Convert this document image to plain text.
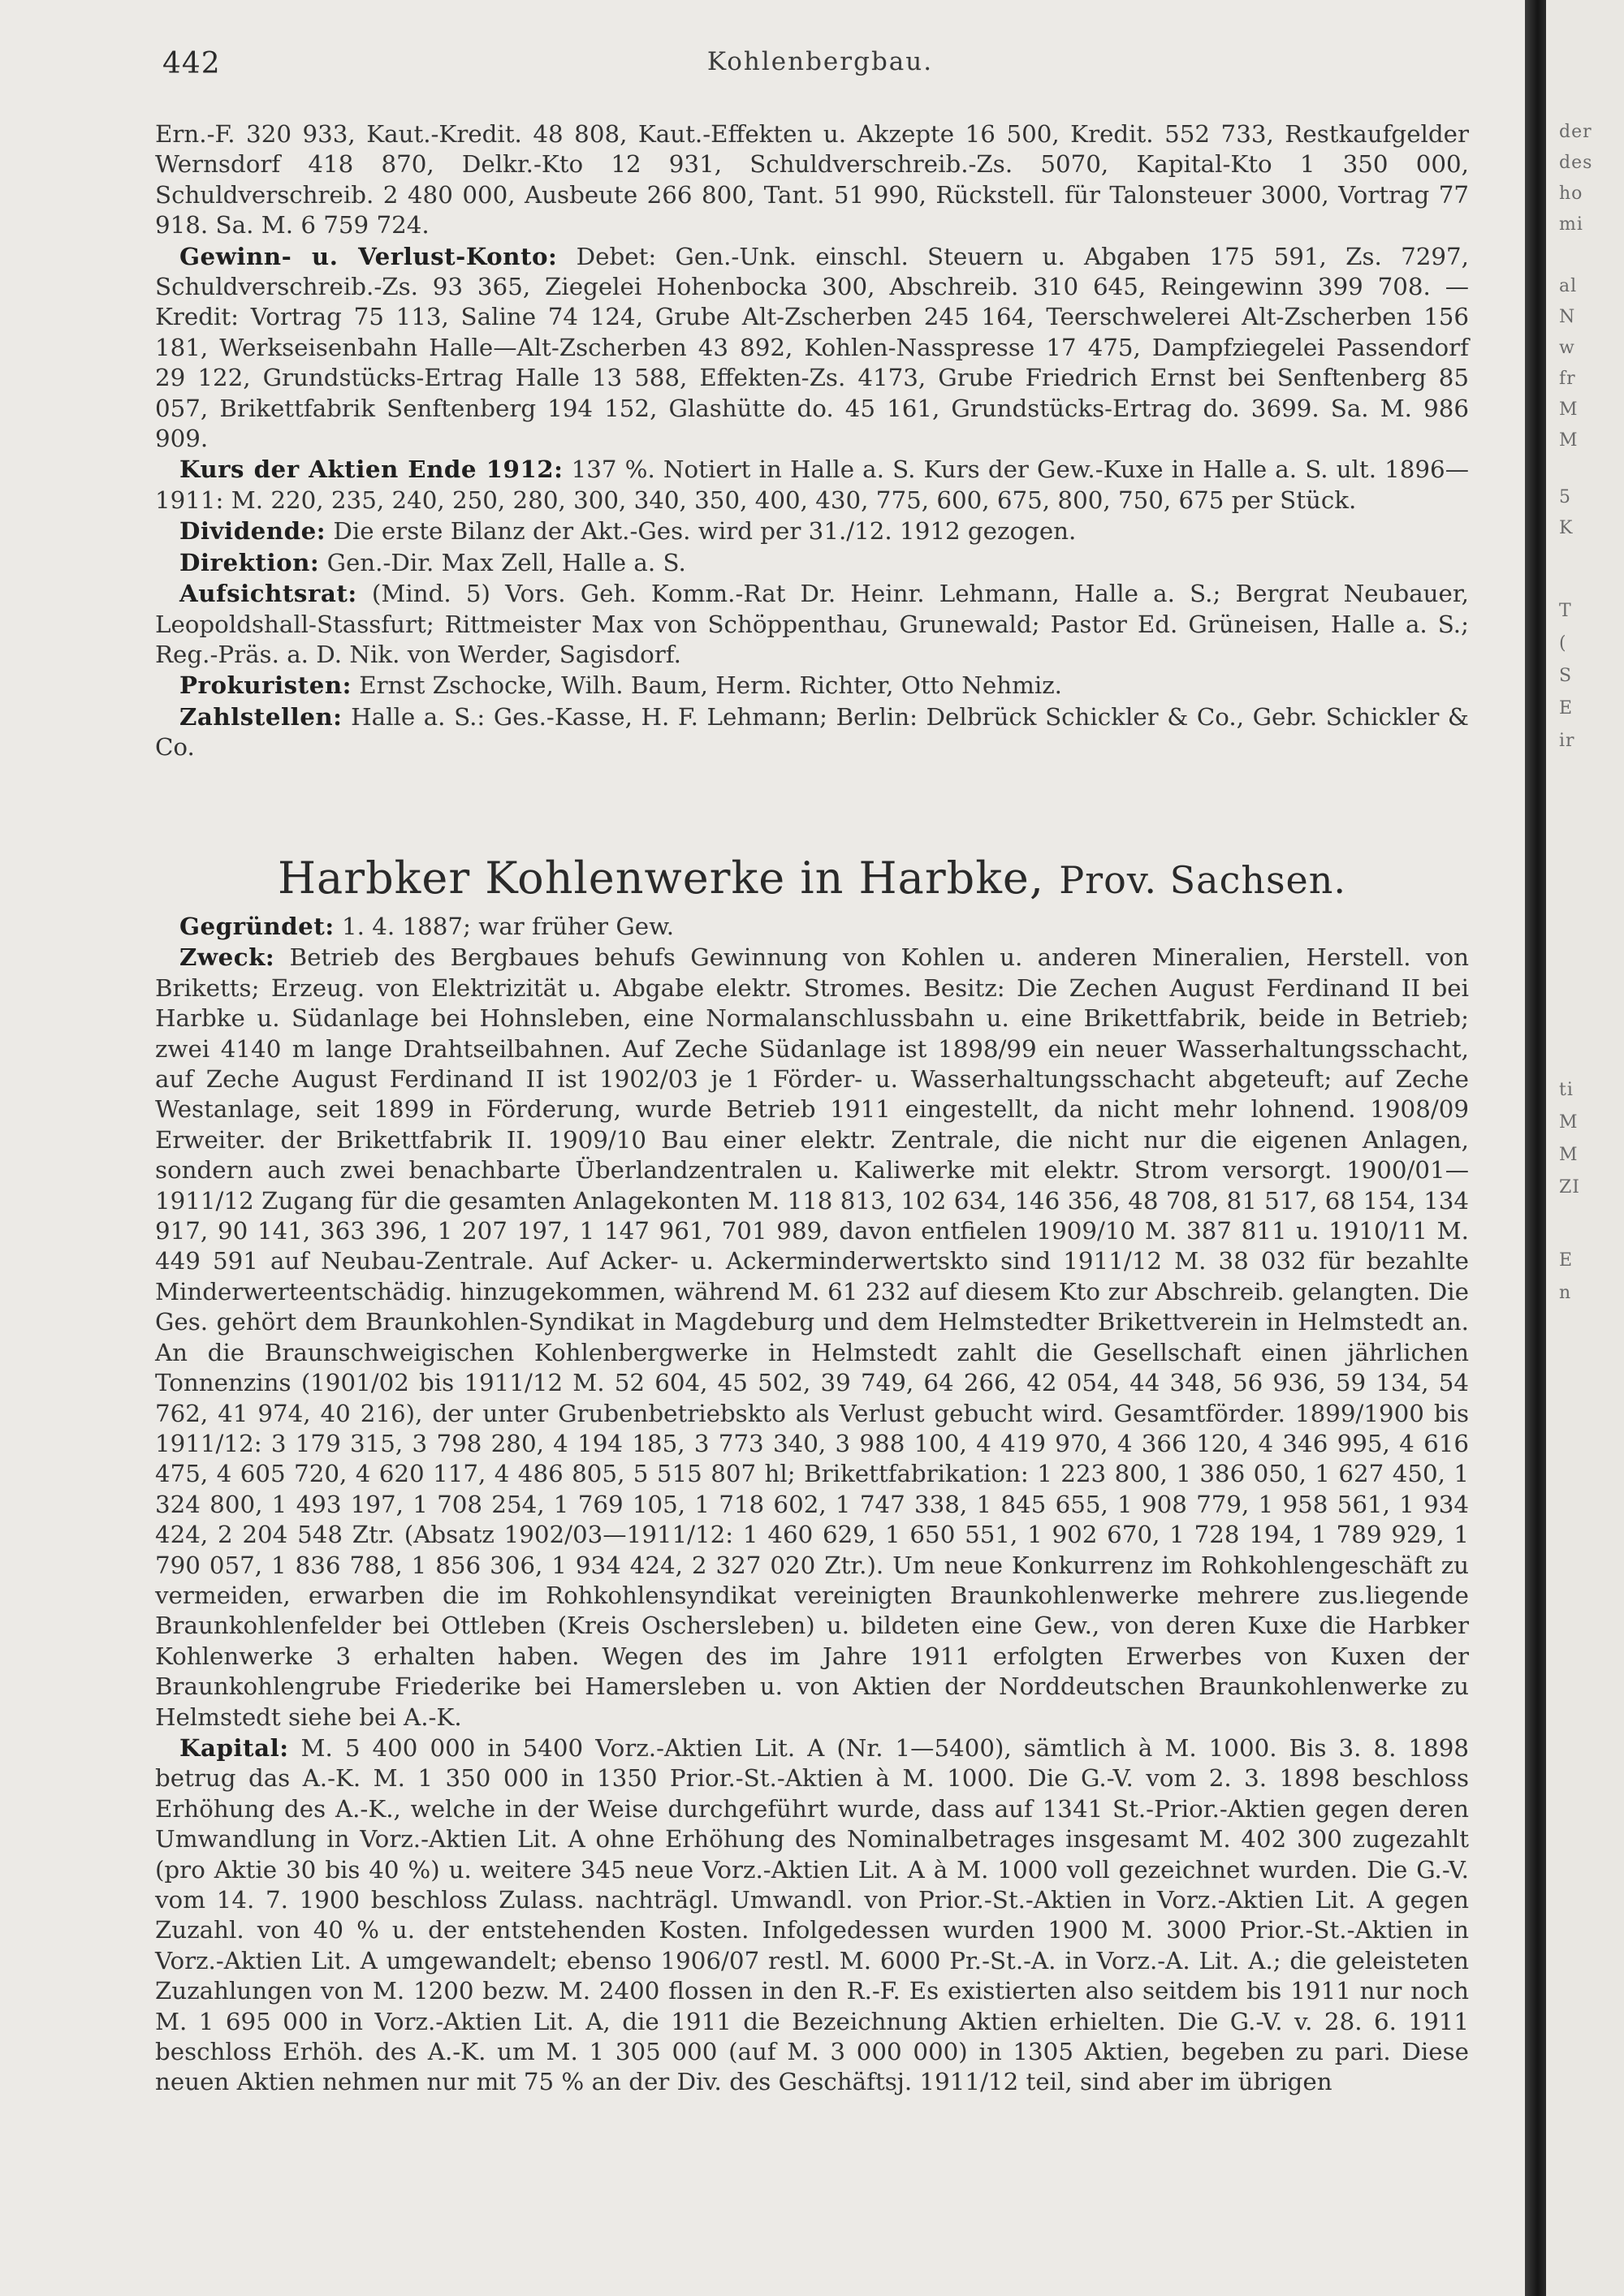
442	Kohlenbergbau.

Ern.-F. 320 933, Kaut.-Kredit. 48 808, Kaut.-Effekten u. Akzepte 16 500, Kredit. 552 733, Restkaufgelder Wernsdorf 418 870, Delkr.-Kto 12 931, Schuldverschreib.-Zs. 5070, Kapital-Kto 1 350 000, Schuldverschreib. 2 480 000, Ausbeute 266 800, Tant. 51 990, Rückstell. für Talonsteuer 3000, Vortrag 77 918. Sa. M. 6 759 724.

Gewinn- u. Verlust-Konto: Debet: Gen.-Unk. einschl. Steuern u. Abgaben 175 591, Zs. 7297, Schuldverschreib.-Zs. 93 365, Ziegelei Hohenbocka 300, Abschreib. 310 645, Reingewinn 399 708. — Kredit: Vortrag 75 113, Saline 74 124, Grube Alt-Zscherben 245 164, Teerschwelerei Alt-Zscherben 156 181, Werkseisenbahn Halle—Alt-Zscherben 43 892, Kohlen-Nasspresse 17 475, Dampfziegelei Passendorf 29 122, Grundstücks-Ertrag Halle 13 588, Effekten-Zs. 4173, Grube Friedrich Ernst bei Senftenberg 85 057, Brikettfabrik Senftenberg 194 152, Glashütte do. 45 161, Grundstücks-Ertrag do. 3699. Sa. M. 986 909.

Kurs der Aktien Ende 1912: 137 %. Notiert in Halle a. S. Kurs der Gew.-Kuxe in Halle a. S. ult. 1896—1911: M. 220, 235, 240, 250, 280, 300, 340, 350, 400, 430, 775, 600, 675, 800, 750, 675 per Stück.

Dividende: Die erste Bilanz der Akt.-Ges. wird per 31./12. 1912 gezogen.

Direktion: Gen.-Dir. Max Zell, Halle a. S.

Aufsichtsrat: (Mind. 5) Vors. Geh. Komm.-Rat Dr. Heinr. Lehmann, Halle a. S.; Bergrat Neubauer, Leopoldshall-Stassfurt; Rittmeister Max von Schöppenthau, Grunewald; Pastor Ed. Grüneisen, Halle a. S.; Reg.-Präs. a. D. Nik. von Werder, Sagisdorf.

Prokuristen: Ernst Zschocke, Wilh. Baum, Herm. Richter, Otto Nehmiz.

Zahlstellen: Halle a. S.: Ges.-Kasse, H. F. Lehmann; Berlin: Delbrück Schickler & Co., Gebr. Schickler & Co.

Harbker Kohlenwerke in Harbke, Prov. Sachsen.

Gegründet: 1. 4. 1887; war früher Gew.

Zweck: Betrieb des Bergbaues behufs Gewinnung von Kohlen u. anderen Mineralien, Herstell. von Briketts; Erzeug. von Elektrizität u. Abgabe elektr. Stromes. Besitz: Die Zechen August Ferdinand II bei Harbke u. Südanlage bei Hohnsleben, eine Normalanschlussbahn u. eine Brikettfabrik, beide in Betrieb; zwei 4140 m lange Drahtseilbahnen. Auf Zeche Südanlage ist 1898/99 ein neuer Wasserhaltungsschacht, auf Zeche August Ferdinand II ist 1902/03 je 1 Förder- u. Wasserhaltungsschacht abgeteuft; auf Zeche Westanlage, seit 1899 in Förderung, wurde Betrieb 1911 eingestellt, da nicht mehr lohnend. 1908/09 Erweiter. der Brikettfabrik II. 1909/10 Bau einer elektr. Zentrale, die nicht nur die eigenen Anlagen, sondern auch zwei benachbarte Überlandzentralen u. Kaliwerke mit elektr. Strom versorgt. 1900/01—1911/12 Zugang für die gesamten Anlagekonten M. 118 813, 102 634, 146 356, 48 708, 81 517, 68 154, 134 917, 90 141, 363 396, 1 207 197, 1 147 961, 701 989, davon entfielen 1909/10 M. 387 811 u. 1910/11 M. 449 591 auf Neubau-Zentrale. Auf Acker- u. Ackerminderwertskto sind 1911/12 M. 38 032 für bezahlte Minderwerteentschädig. hinzugekommen, während M. 61 232 auf diesem Kto zur Abschreib. gelangten. Die Ges. gehört dem Braunkohlen-Syndikat in Magdeburg und dem Helmstedter Brikettverein in Helmstedt an. An die Braunschweigischen Kohlenbergwerke in Helmstedt zahlt die Gesellschaft einen jährlichen Tonnenzins (1901/02 bis 1911/12 M. 52 604, 45 502, 39 749, 64 266, 42 054, 44 348, 56 936, 59 134, 54 762, 41 974, 40 216), der unter Grubenbetriebskto als Verlust gebucht wird. Gesamtförder. 1899/1900 bis 1911/12: 3 179 315, 3 798 280, 4 194 185, 3 773 340, 3 988 100, 4 419 970, 4 366 120, 4 346 995, 4 616 475, 4 605 720, 4 620 117, 4 486 805, 5 515 807 hl; Brikettfabrikation: 1 223 800, 1 386 050, 1 627 450, 1 324 800, 1 493 197, 1 708 254, 1 769 105, 1 718 602, 1 747 338, 1 845 655, 1 908 779, 1 958 561, 1 934 424, 2 204 548 Ztr. (Absatz 1902/03—1911/12: 1 460 629, 1 650 551, 1 902 670, 1 728 194, 1 789 929, 1 790 057, 1 836 788, 1 856 306, 1 934 424, 2 327 020 Ztr.). Um neue Konkurrenz im Rohkohlengeschäft zu vermeiden, erwarben die im Rohkohlensyndikat vereinigten Braunkohlenwerke mehrere zus.liegende Braunkohlenfelder bei Ottleben (Kreis Oschersleben) u. bildeten eine Gew., von deren Kuxe die Harbker Kohlenwerke 3 erhalten haben. Wegen des im Jahre 1911 erfolgten Erwerbes von Kuxen der Braunkohlengrube Friederike bei Hamersleben u. von Aktien der Norddeutschen Braunkohlenwerke zu Helmstedt siehe bei A.-K.

Kapital: M. 5 400 000 in 5400 Vorz.-Aktien Lit. A (Nr. 1—5400), sämtlich à M. 1000. Bis 3. 8. 1898 betrug das A.-K. M. 1 350 000 in 1350 Prior.-St.-Aktien à M. 1000. Die G.-V. vom 2. 3. 1898 beschloss Erhöhung des A.-K., welche in der Weise durchgeführt wurde, dass auf 1341 St.-Prior.-Aktien gegen deren Umwandlung in Vorz.-Aktien Lit. A ohne Erhöhung des Nominalbetrages insgesamt M. 402 300 zugezahlt (pro Aktie 30 bis 40 %) u. weitere 345 neue Vorz.-Aktien Lit. A à M. 1000 voll gezeichnet wurden. Die G.-V. vom 14. 7. 1900 beschloss Zulass. nachträgl. Umwandl. von Prior.-St.-Aktien in Vorz.-Aktien Lit. A gegen Zuzahl. von 40 % u. der entstehenden Kosten. Infolgedessen wurden 1900 M. 3000 Prior.-St.-Aktien in Vorz.-Aktien Lit. A umgewandelt; ebenso 1906/07 restl. M. 6000 Pr.-St.-A. in Vorz.-A. Lit. A.; die geleisteten Zuzahlungen von M. 1200 bezw. M. 2400 flossen in den R.-F. Es existierten also seitdem bis 1911 nur noch M. 1 695 000 in Vorz.-Aktien Lit. A, die 1911 die Bezeichnung Aktien erhielten. Die G.-V. v. 28. 6. 1911 beschloss Erhöh. des A.-K. um M. 1 305 000 (auf M. 3 000 000) in 1305 Aktien, begeben zu pari. Diese neuen Aktien nehmen nur mit 75 % an der Div. des Geschäftsj. 1911/12 teil, sind aber im übrigen

der
des
ho
mi
al
N
w
fr
M
M
5
K
T
(
S
E
ir
ti
M
M
ZI
E
n
